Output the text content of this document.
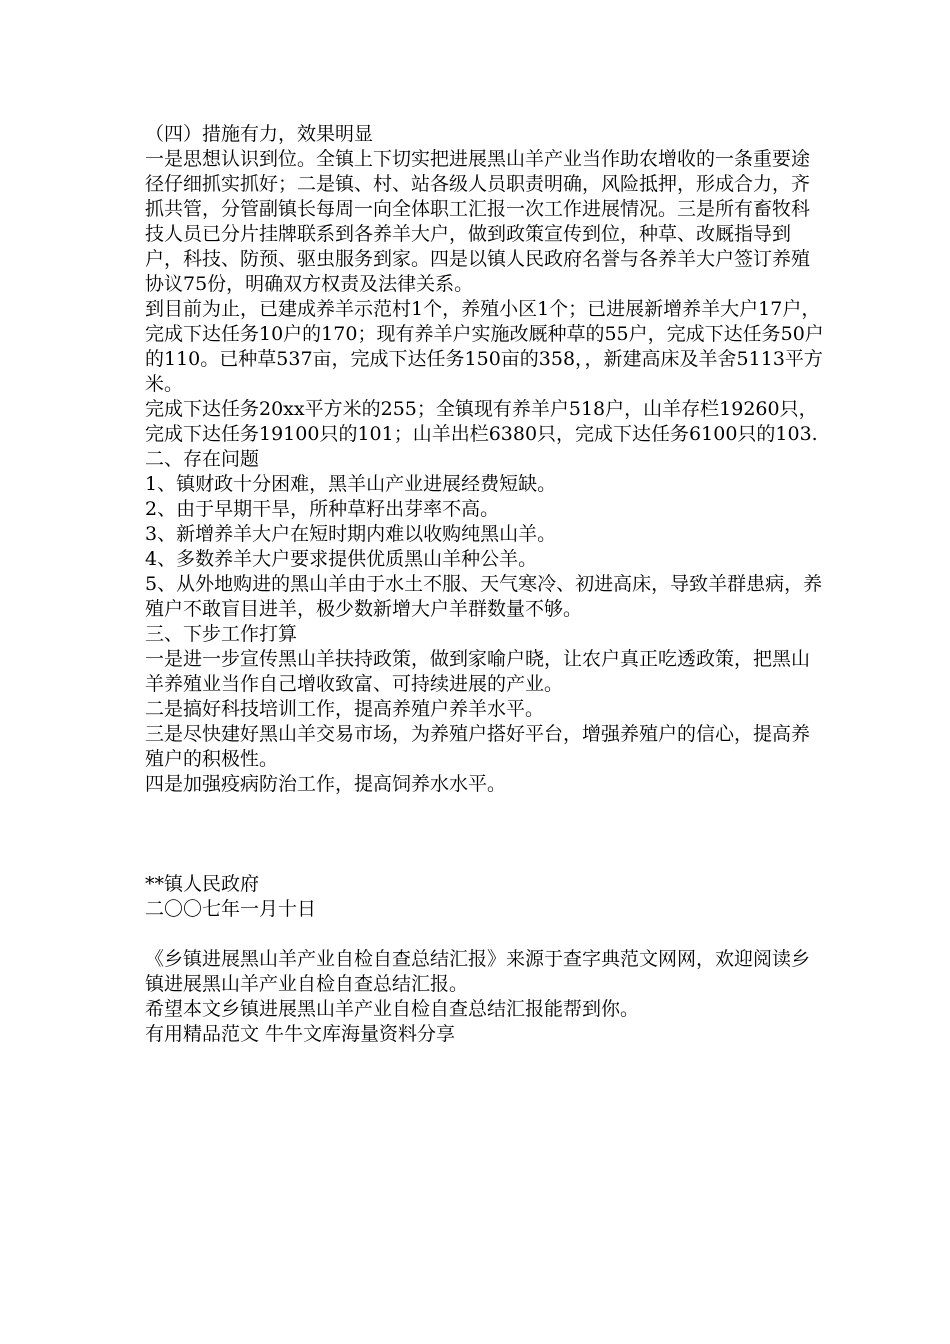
（四）措施有力，效果明显

一是思想认识到位。全镇上下切实把进展黑山羊产业当作助农增收的一条重要途径仔细抓实抓好；二是镇、村、站各级人员职责明确，风险抵押，形成合力，齐抓共管，分管副镇长每周一向全体职工汇报一次工作进展情况。三是所有畜牧科技人员已分片挂牌联系到各养羊大户，做到政策宣传到位，种草、改厩指导到户，科技、防预、驱虫服务到家。四是以镇人民政府名誉与各养羊大户签订养殖协议75份，明确双方权责及法律关系。

到目前为止，已建成养羊示范村1个，养殖小区1个；已进展新增养羊大户17户，完成下达任务10户的170；现有养羊户实施改厩种草的55户，完成下达任务50户的110。已种草537亩，完成下达任务150亩的358，，新建高床及羊舍5113平方米。

完成下达任务20xx平方米的255；全镇现有养羊户518户，山羊存栏19260只，完成下达任务19100只的101；山羊出栏6380只，完成下达任务6100只的103.

二、存在问题

1、镇财政十分困难，黑羊山产业进展经费短缺。

2、由于早期干旱，所种草籽出芽率不高。

3、新增养羊大户在短时期内难以收购纯黑山羊。

4、多数养羊大户要求提供优质黑山羊种公羊。

5、从外地购进的黑山羊由于水土不服、天气寒冷、初进高床，导致羊群患病，养殖户不敢盲目进羊，极少数新增大户羊群数量不够。

三、下步工作打算

一是进一步宣传黑山羊扶持政策，做到家喻户晓，让农户真正吃透政策，把黑山羊养殖业当作自己增收致富、可持续进展的产业。

二是搞好科技培训工作，提高养殖户养羊水平。

三是尽快建好黑山羊交易市场，为养殖户搭好平台，增强养殖户的信心，提高养殖户的积极性。

四是加强疫病防治工作，提高饲养水水平。

**镇人民政府

二〇〇七年一月十日

《乡镇进展黑山羊产业自检自查总结汇报》来源于查字典范文网网，欢迎阅读乡镇进展黑山羊产业自检自查总结汇报。

希望本文乡镇进展黑山羊产业自检自查总结汇报能帮到你。

有用精品范文 牛牛文库海量资料分享
